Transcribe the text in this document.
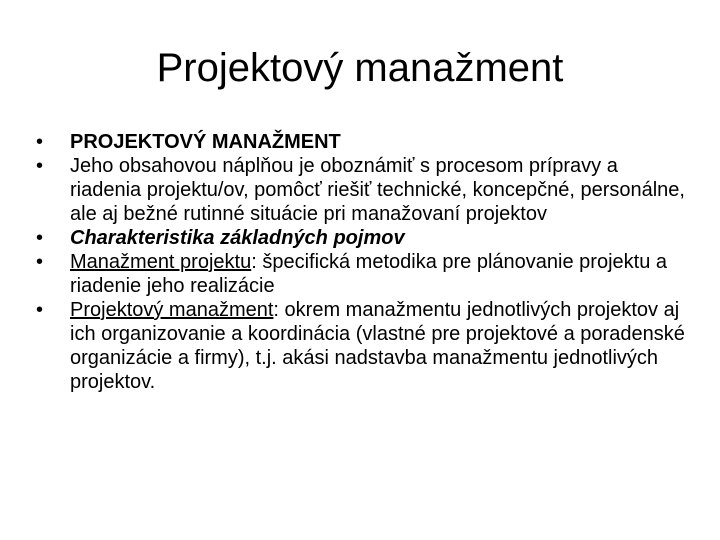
Projektový manažment
•	PROJEKTOVÝ MANAŽMENT
•	Jeho obsahovou náplňou je oboznámiť s procesom prípravy a riadenia projektu/ov, pomôcť riešiť technické, koncepčné, personálne, ale aj bežné rutinné situácie pri manažovaní projektov
•	Charakteristika základných pojmov
•	Manažment projektu: špecifická metodika pre plánovanie projektu a riadenie jeho realizácie
•	Projektový manažment: okrem manažmentu jednotlivých projektov aj ich organizovanie a koordinácia (vlastné pre projektové a poradenské organizácie a firmy), t.j. akási nadstavba manažmentu jednotlivých projektov.
